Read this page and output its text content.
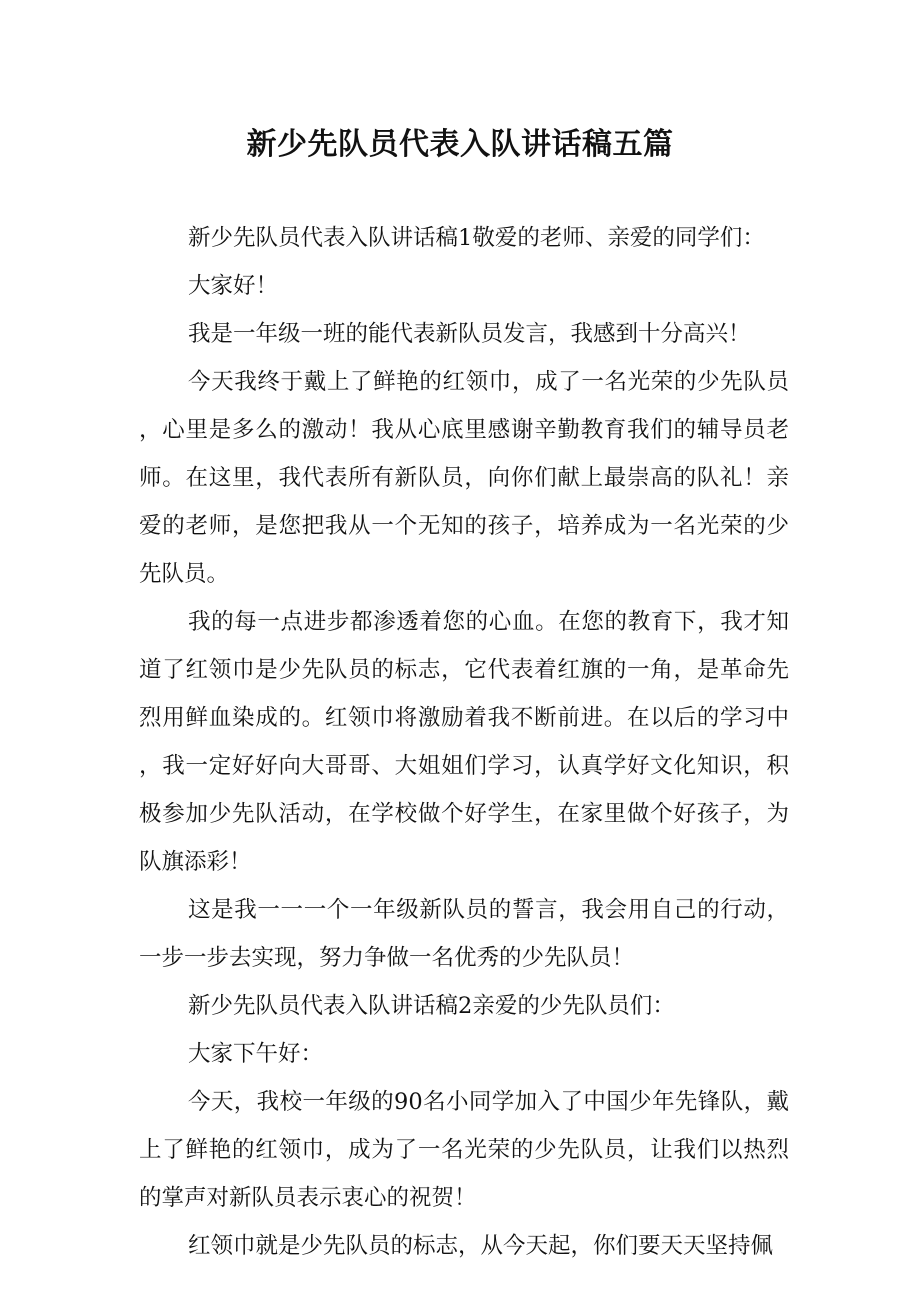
新少先队员代表入队讲话稿五篇

新少先队员代表入队讲话稿1敬爱的老师、亲爱的同学们：

大家好！

我是一年级一班的能代表新队员发言，我感到十分高兴！

今天我终于戴上了鲜艳的红领巾，成了一名光荣的少先队员，心里是多么的激动！我从心底里感谢辛勤教育我们的辅导员老师。在这里，我代表所有新队员，向你们献上最崇高的队礼！亲爱的老师，是您把我从一个无知的孩子，培养成为一名光荣的少先队员。

我的每一点进步都渗透着您的心血。在您的教育下，我才知道了红领巾是少先队员的标志，它代表着红旗的一角，是革命先烈用鲜血染成的。红领巾将激励着我不断前进。在以后的学习中，我一定好好向大哥哥、大姐姐们学习，认真学好文化知识，积极参加少先队活动，在学校做个好学生，在家里做个好孩子，为队旗添彩！

这是我一一一个一年级新队员的誓言，我会用自己的行动，一步一步去实现，努力争做一名优秀的少先队员！

新少先队员代表入队讲话稿2亲爱的少先队员们：

大家下午好：

今天，我校一年级的90名小同学加入了中国少年先锋队，戴上了鲜艳的红领巾，成为了一名光荣的少先队员，让我们以热烈的掌声对新队员表示衷心的祝贺！

红领巾就是少先队员的标志，从今天起，你们要天天坚持佩
